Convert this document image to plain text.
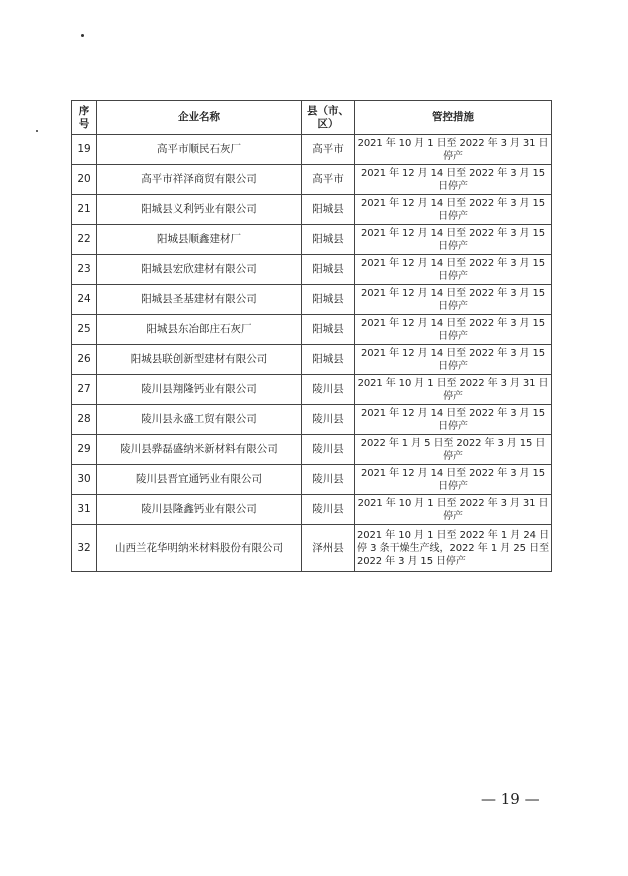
序号	企业名称	县（市、区）	管控措施
19	高平市顺民石灰厂	高平市	2021 年 10 月 1 日至 2022 年 3 月 31 日停产
20	高平市祥泽商贸有限公司	高平市	2021 年 12 月 14 日至 2022 年 3 月 15 日停产
21	阳城县义利钙业有限公司	阳城县	2021 年 12 月 14 日至 2022 年 3 月 15 日停产
22	阳城县顺鑫建材厂	阳城县	2021 年 12 月 14 日至 2022 年 3 月 15 日停产
23	阳城县宏欣建材有限公司	阳城县	2021 年 12 月 14 日至 2022 年 3 月 15 日停产
24	阳城县圣基建材有限公司	阳城县	2021 年 12 月 14 日至 2022 年 3 月 15 日停产
25	阳城县东冶郎庄石灰厂	阳城县	2021 年 12 月 14 日至 2022 年 3 月 15 日停产
26	阳城县联创新型建材有限公司	阳城县	2021 年 12 月 14 日至 2022 年 3 月 15 日停产
27	陵川县翔隆钙业有限公司	陵川县	2021 年 10 月 1 日至 2022 年 3 月 31 日停产
28	陵川县永盛工贸有限公司	陵川县	2021 年 12 月 14 日至 2022 年 3 月 15 日停产
29	陵川县骅磊盛纳米新材料有限公司	陵川县	2022 年 1 月 5 日至 2022 年 3 月 15 日停产
30	陵川县晋宜通钙业有限公司	陵川县	2021 年 12 月 14 日至 2022 年 3 月 15 日停产
31	陵川县隆鑫钙业有限公司	陵川县	2021 年 10 月 1 日至 2022 年 3 月 31 日停产
32	山西兰花华明纳米材料股份有限公司	泽州县	2021 年 10 月 1 日至 2022 年 1 月 24 日停 3 条干燥生产线，2022 年 1 月 25 日至 2022 年 3 月 15 日停产
— 19 —
